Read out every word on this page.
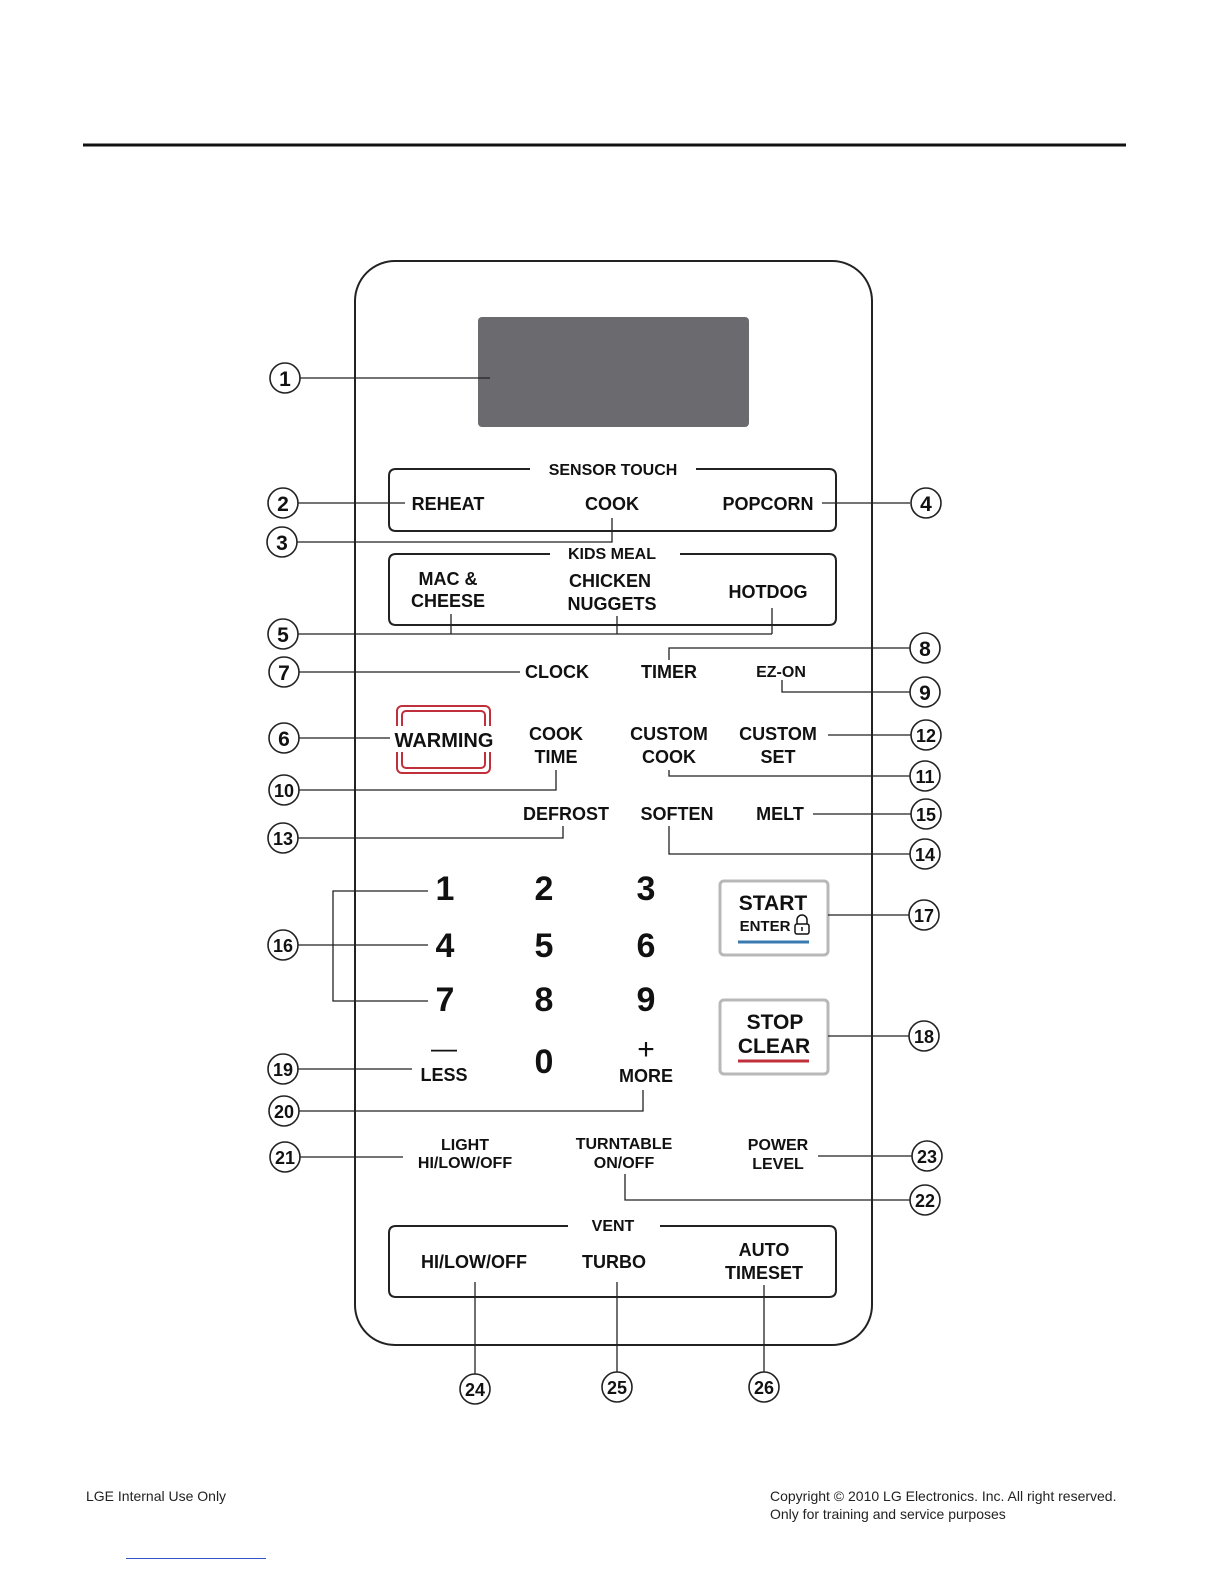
SENSOR TOUCH
REHEAT	COOK	POPCORN
KIDS MEAL
MAC &
CHEESE
CHICKEN
NUGGETS
HOTDOG
CLOCK	TIMER	EZ-ON
WARMING COOK
TIME
CUSTOM
COOK
CUSTOM
SET
DEFROST SOFTEN MELT
1 2 3
4 5 6
7 8 9
0
—
LESS
+
MORE
START
ENTER
STOP
CLEAR
LIGHT
HI/LOW/OFF
TURNTABLE
ON/OFF
POWER
LEVEL
VENT
HI/LOW/OFF	TURBO
AUTO
TIMESET
1
2
3
4
5
6
7
8
9
10
11
12
13
14
15
16
17
18
19
20
21
22
23
24	25	26
LGE Internal Use Only	Copyright © 2010 LG Electronics. Inc. All right reserved.
Only for training and service purposes
